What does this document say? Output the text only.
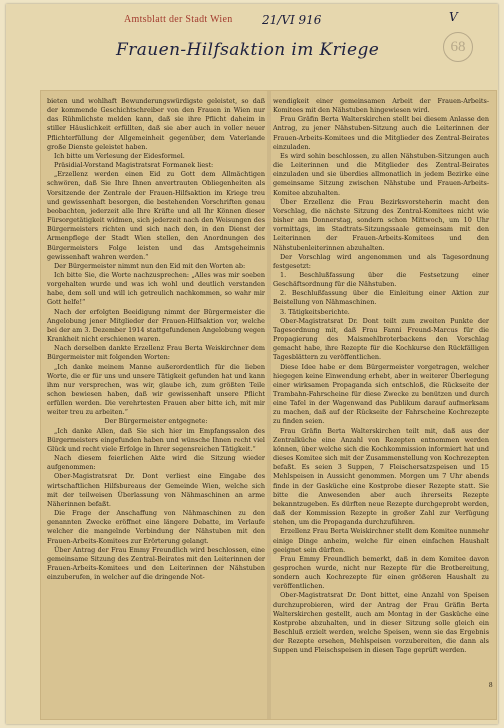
Amtsblatt der Stadt Wien 21/VI 916	V
Frauen-Hilfsaktion im Kriege	68

bieten und wohlhaft Bewunderungswürdigste geleistet, so daß der kommende Geschichtschreiber von den Frauen in Wien nur das Rühmlichste melden kann, daß sie ihre Pflicht daheim in stiller Häuslichkeit erfüllten, daß sie aber auch in voller neuer Pflichterfüllung der Allgemeinheit gegenüber, dem Vaterlande große Dienste geleistet haben.

Ich bitte um Verlesung der Eidesformel.

Präsidial-Vorstand Magistratsrat Formanek liest:

„Erzellenz werden einen Eid zu Gott dem Allmächtigen schwören, daß Sie Ihre Ihnen anvertrauten Obliegenheiten als Vorsitzende der Zentrale der Frauen-Hilfsaktion im Kriege treu und gewissenhaft besorgen, die bestehenden Vorschriften genau beobachten, jederzeit alle Ihre Kräfte und all Ihr Können dieser Fürsorgetätigkeit widmen, sich jederzeit nach den Weisungen des Bürgermeisters richten und sich nach den, in den Dienst der Armenpflege der Stadt Wien stellen, den Anordnungen des Bürgermeisters Folge leisten und das Amtsgeheimnis gewissenhaft wahren werden.“

Der Bürgermeister nimmt nun den Eid mit den Worten ab:

Ich bitte Sie, die Worte nachzusprechen: „Alles was mir soeben vorgehalten wurde und was ich wohl und deutlich verstanden habe, dem soll und will ich getreulich nachkommen, so wahr mir Gott helfe!“

Nach der erfolgten Beeidigung nimmt der Bürgermeister die Angelobung jener Mitglieder der Frauen-Hilfsaktion vor, welche bei der am 3. Dezember 1914 stattgefundenen Angelobung wegen Krankheit nicht erschienen waren.

Nach derselben dankte Erzellenz Frau Berta Weiskirchner dem Bürgermeister mit folgenden Worten:

„Ich danke meinem Manne außerordentlich für die lieben Worte, die er für uns und unsere Tätigkeit gefunden hat und kann ihm nur versprechen, was wir, glaube ich, zum größten Teile schon bewiesen haben, daß wir gewissenhaft unsere Pflicht erfüllen werden. Die verehrtesten Frauen aber bitte ich, mit mir weiter treu zu arbeiten.“

Der Bürgermeister entgegnete:

„Ich danke Allen, daß Sie sich hier im Empfangssalon des Bürgermeisters eingefunden haben und wünsche Ihnen recht viel Glück und recht viele Erfolge in Ihrer segensreichen Tätigkeit.“

Nach diesem feierlichen Akte wird die Sitzung wieder aufgenommen:

Ober-Magistratsrat Dr. Dont verliest eine Eingabe des wirtschaftlichen Hilfsbureaus der Gemeinde Wien, welche sich mit der teilweisen Überlassung von Nähmaschinen an arme Näherinnen befaßt.

Die Frage der Anschaffung von Nähmaschinen zu den genannten Zwecke eröffnet eine längere Debatte, im Verlaufe welcher die mangelnde Verbindung der Nähstuben mit den Frauen-Arbeits-Komitees zur Erörterung gelangt.

Über Antrag der Frau Emmy Freundlich wird beschlossen, eine gemeinsame Sitzung des Zentral-Beirates mit den Leiterinnen der Frauen-Arbeits-Komitees und den Leiterinnen der Nähstuben einzuberufen, in welcher auf die dringende Not-

wendigkeit einer gemeinsamen Arbeit der Frauen-Arbeits-Komitees mit den Nähstuben hingewiesen wird.

Frau Gräfin Berta Walterskirchen stellt bei diesem Anlasse den Antrag, zu jener Nähstuben-Sitzung auch die Leiterinnen der Frauen-Arbeits-Komitees und die Mitglieder des Zentral-Beirates einzuladen.

Es wird sohin beschlossen, zu allen Nähstuben-Sitzungen auch die Leiterinnen und die Mitglieder des Zentral-Beirates einzuladen und sie überdies allmonatlich in jedem Bezirke eine gemeinsame Sitzung zwischen Nähstube und Frauen-Arbeits-Komitee abzuhalten.

Über Erzellenz die Frau Bezirksvorsteherin macht den Vorschlag, die nächste Sitzung des Zentral-Komitees nicht wie bisher am Donnerstag, sondern schon Mittwoch, um 10 Uhr vormittags, im Stadtrats-Sitzungssaale gemeinsam mit den Leiterinnen der Frauen-Arbeits-Komitees und den Nähstubenleiterinnen abzuhalten.

Der Vorschlag wird angenommen und als Tagesordnung festgesetzt:

1. Beschlußfassung über die Festsetzung einer Geschäftsordnung für die Nähstuben.

2. Beschlußfassung über die Einleitung einer Aktion zur Beistellung von Nähmaschinen.

3. Tätigkeitsberichte.

Ober-Magistratsrat Dr. Dont teilt zum zweiten Punkte der Tagesordnung mit, daß Frau Fanni Freund-Marcus für die Propagierung des Maismehlbroterbackens den Vorschlag gemacht habe, ihre Rezepte für die Kochkurse den Rückfälligen Tagesblättern zu veröffentlichen.

Diese Idee habe er dem Bürgermeister vorgetragen, welcher hiegegen keine Einwendung erhebt, aber in weiterer Überlegung einer wirksamen Propaganda sich entschloß, die Rückseite der Trambahn-Fahrscheine für diese Zwecke zu benützen und durch eine Tafel in der Wagenwand das Publikum darauf aufmerksam zu machen, daß auf der Rückseite der Fahrscheine Kochrezepte zu finden seien.

Frau Gräfin Berta Walterskirchen teilt mit, daß aus der Zentralküche eine Anzahl von Rezepten entnommen werden können, über welche sich die Kochkommission informiert hat und dieses Komitee sich mit der Zusammenstellung von Kochrezepten befaßt. Es seien 3 Suppen, 7 Fleischersatzspeisen und 15 Mehlspeisen in Aussicht genommen. Morgen um 7 Uhr abends finde in der Gasküche eine Kostprobe dieser Rezepte statt. Sie bitte die Anwesenden aber auch ihrerseits Rezepte bekanntzugeben. Es dürften neue Rezepte durchgeprobt werden, daß der Kommission Rezepte in großer Zahl zur Verfügung stehen, um die Propaganda durchzuführen.

Erzellenz Frau Berta Weiskirchner stellt dem Komitee nunmehr einige Dinge anheim, welche für einen einfachen Haushalt geeignet sein dürften.

Frau Emmy Freundlich bemerkt, daß in dem Komitee davon gesprochen wurde, nicht nur Rezepte für die Brotbereitung, sondern auch Kochrezepte für einen größeren Haushalt zu veröffentlichen.

Ober-Magistratsrat Dr. Dont bittet, eine Anzahl von Speisen durchzuprobieren, wird der Antrag der Frau Gräfin Berta Walterskirchen gestellt, auch am Montag in der Gasküche eine Kostprobe abzuhalten, und in dieser Sitzung solle gleich ein Beschluß erzielt werden, welche Speisen, wenn sie das Ergebnis der Rezepte ersehen, Mehlspeisen vorzubereiten, die dann als Suppen und Fleischspeisen in diesen Tage geprüft werden.

8
